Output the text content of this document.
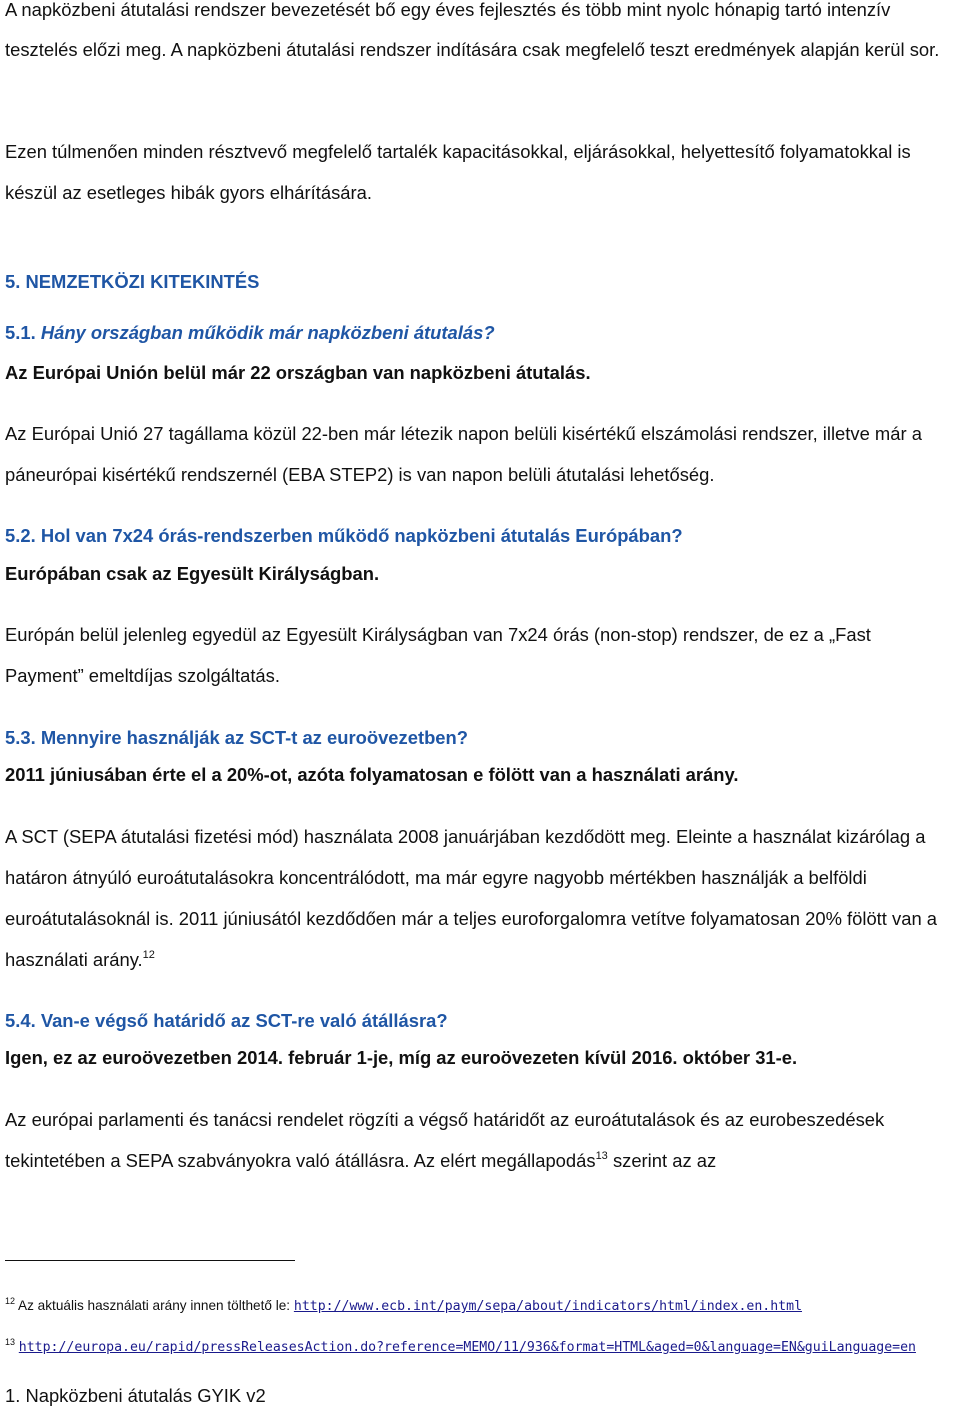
A napközbeni átutalási rendszer bevezetését bő egy éves fejlesztés és több mint nyolc hónapig tartó intenzív tesztelés előzi meg. A napközbeni átutalási rendszer indítására csak megfelelő teszt eredmények alapján kerül sor.

Ezen túlmenően minden résztvevő megfelelő tartalék kapacitásokkal, eljárásokkal, helyettesítő folyamatokkal is készül az esetleges hibák gyors elhárítására.

5. NEMZETKÖZI KITEKINTÉS
5.1. Hány országban működik már napközbeni átutalás?
Az Európai Unión belül már 22 országban van napközbeni átutalás.

Az Európai Unió 27 tagállama közül 22-ben már létezik napon belüli kisértékű elszámolási rendszer, illetve már a páneurópai kisértékű rendszernél (EBA STEP2) is van napon belüli átutalási lehetőség.

5.2. Hol van 7x24 órás-rendszerben működő napközbeni átutalás Európában?
Európában csak az Egyesült Királyságban.

Európán belül jelenleg egyedül az Egyesült Királyságban van 7x24 órás (non-stop) rendszer, de ez a „Fast Payment” emeltdíjas szolgáltatás.

5.3. Mennyire használják az SCT-t az euroövezetben?
2011 júniusában érte el a 20%-ot, azóta folyamatosan e fölött van a használati arány.

A SCT (SEPA átutalási fizetési mód) használata 2008 januárjában kezdődött meg. Eleinte a használat kizárólag a határon átnyúló euroátutalásokra koncentrálódott, ma már egyre nagyobb mértékben használják a belföldi euroátutalásoknál is. 2011 júniusától kezdődően már a teljes euroforgalomra vetítve folyamatosan 20% fölött van a használati arány.$^{12}$

5.4. Van-e végső határidő az SCT-re való átállásra?
Igen, ez az euroövezetben 2014. február 1-je, míg az euroövezeten kívül 2016. október 31-e.

Az európai parlamenti és tanácsi rendelet rögzíti a végső határidőt az euroátutalások és az eurobeszedések tekintetében a SEPA szabványokra való átállásra. Az elért megállapodás$^{13}$ szerint az az

$^{12}$ Az aktuális használati arány innen tölthető le: http://www.ecb.int/paym/sepa/about/indicators/html/index.en.html
$^{13}$ http://europa.eu/rapid/pressReleasesAction.do?reference=MEMO/11/936&format=HTML&aged=0&language=EN&guiLanguage=en
1. Napközbeni átutalás GYIK v2
